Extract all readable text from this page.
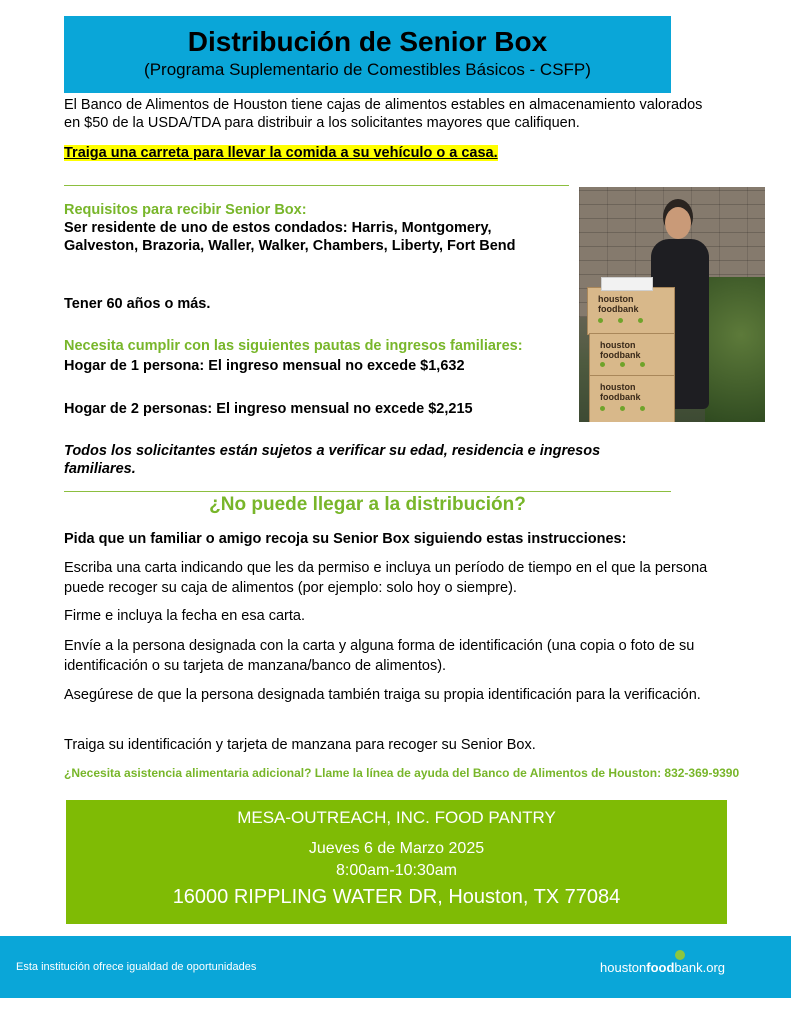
Distribución de Senior Box
(Programa Suplementario de Comestibles Básicos - CSFP)
El Banco de Alimentos de Houston tiene cajas de alimentos estables en almacenamiento valorados en $50 de la USDA/TDA para distribuir a los solicitantes mayores que califiquen.
Traiga una carreta para llevar la comida a su vehículo o a casa.
houston foodbank
houston foodbank
houston foodbank
Requisitos para recibir Senior Box:
Ser residente de uno de estos condados: Harris, Montgomery, Galveston, Brazoria, Waller, Walker, Chambers, Liberty, Fort Bend
Tener 60 años o más.
Necesita cumplir con las siguientes pautas de ingresos familiares:
Hogar de 1 persona: El ingreso mensual no excede $1,632
Hogar de 2 personas: El ingreso mensual no excede $2,215
Todos los solicitantes están sujetos a verificar su edad, residencia e ingresos familiares.
¿No puede llegar a la distribución?
Pida que un familiar o amigo recoja su Senior Box siguiendo estas instrucciones:
Escriba una carta indicando que les da permiso e incluya un período de tiempo en el que la persona puede recoger su caja de alimentos (por ejemplo: solo hoy o siempre).
Firme e incluya la fecha en esa carta.
Envíe a la persona designada con la carta y alguna forma de identificación (una copia o foto de su identificación o su tarjeta de manzana/banco de alimentos).
Asegúrese de que la persona designada también traiga su propia identificación para la verificación.
Traiga su identificación y tarjeta de manzana para recoger su Senior Box.
¿Necesita asistencia alimentaria adicional? Llame la línea de ayuda del Banco de Alimentos de Houston: 832-369-9390
MESA-OUTREACH, INC. FOOD PANTRY
Jueves 6 de Marzo 2025
8:00am-10:30am
16000 RIPPLING WATER DR, Houston, TX 77084
Esta institución ofrece igualdad de oportunidades	houstonfoodbank.org
